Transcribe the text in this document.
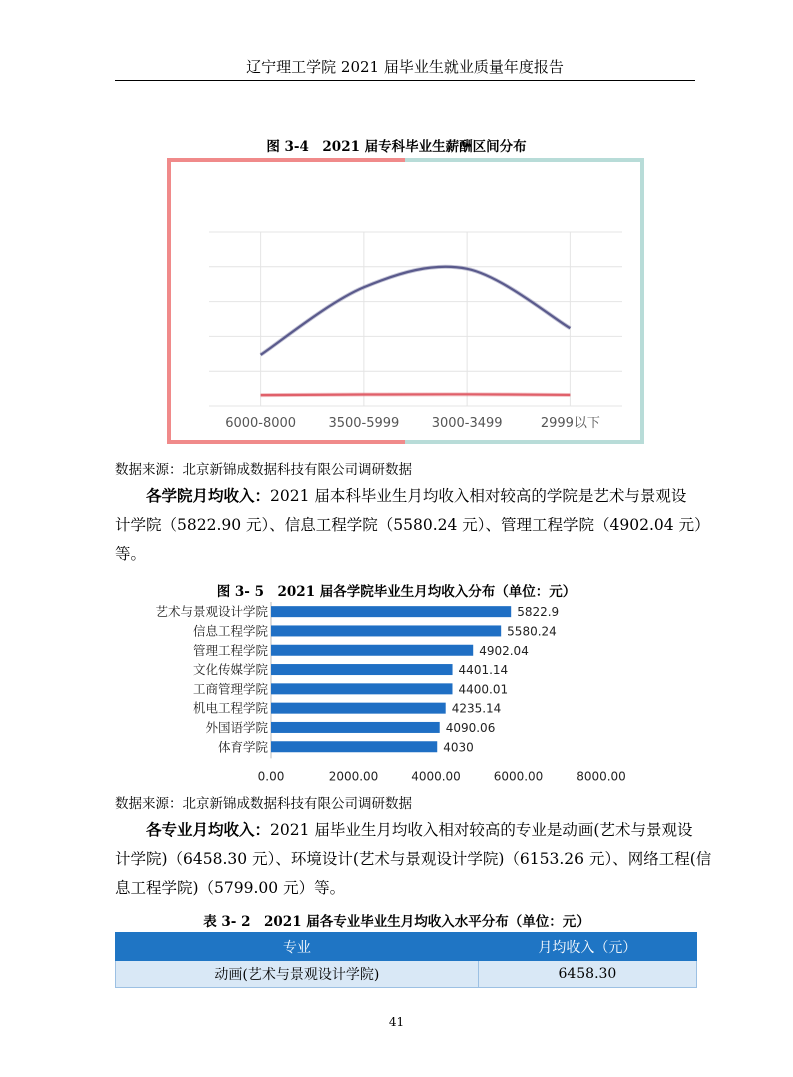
辽宁理工学院 2021 届毕业生就业质量年度报告
图 3-4　2021 届专科毕业生薪酬区间分布
6000-8000 3500-5999 3000-3499	2999以下
数据来源：北京新锦成数据科技有限公司调研数据
各学院月均收入：2021 届本科毕业生月均收入相对较高的学院是艺术与景观设
计学院（5822.90 元）、信息工程学院（5580.24 元）、管理工程学院（4902.04 元）
等。
图 3- 5　2021 届各学院毕业生月均收入分布（单位：元）
艺术与景观设计学院	5822.9
信息工程学院	5580.24
管理工程学院	4902.04
文化传媒学院	4401.14
工商管理学院	4400.01
机电工程学院	4235.14
外国语学院	4090.06
体育学院	4030
0.00	2000.00	4000.00	6000.00	8000.00
数据来源：北京新锦成数据科技有限公司调研数据
各专业月均收入：2021 届毕业生月均收入相对较高的专业是动画(艺术与景观设
计学院)（6458.30 元）、环境设计(艺术与景观设计学院)（6153.26 元）、网络工程(信
息工程学院)（5799.00 元）等。
表 3- 2　2021 届各专业毕业生月均收入水平分布（单位：元）
专业	月均收入（元）
动画(艺术与景观设计学院)	6458.30
41
